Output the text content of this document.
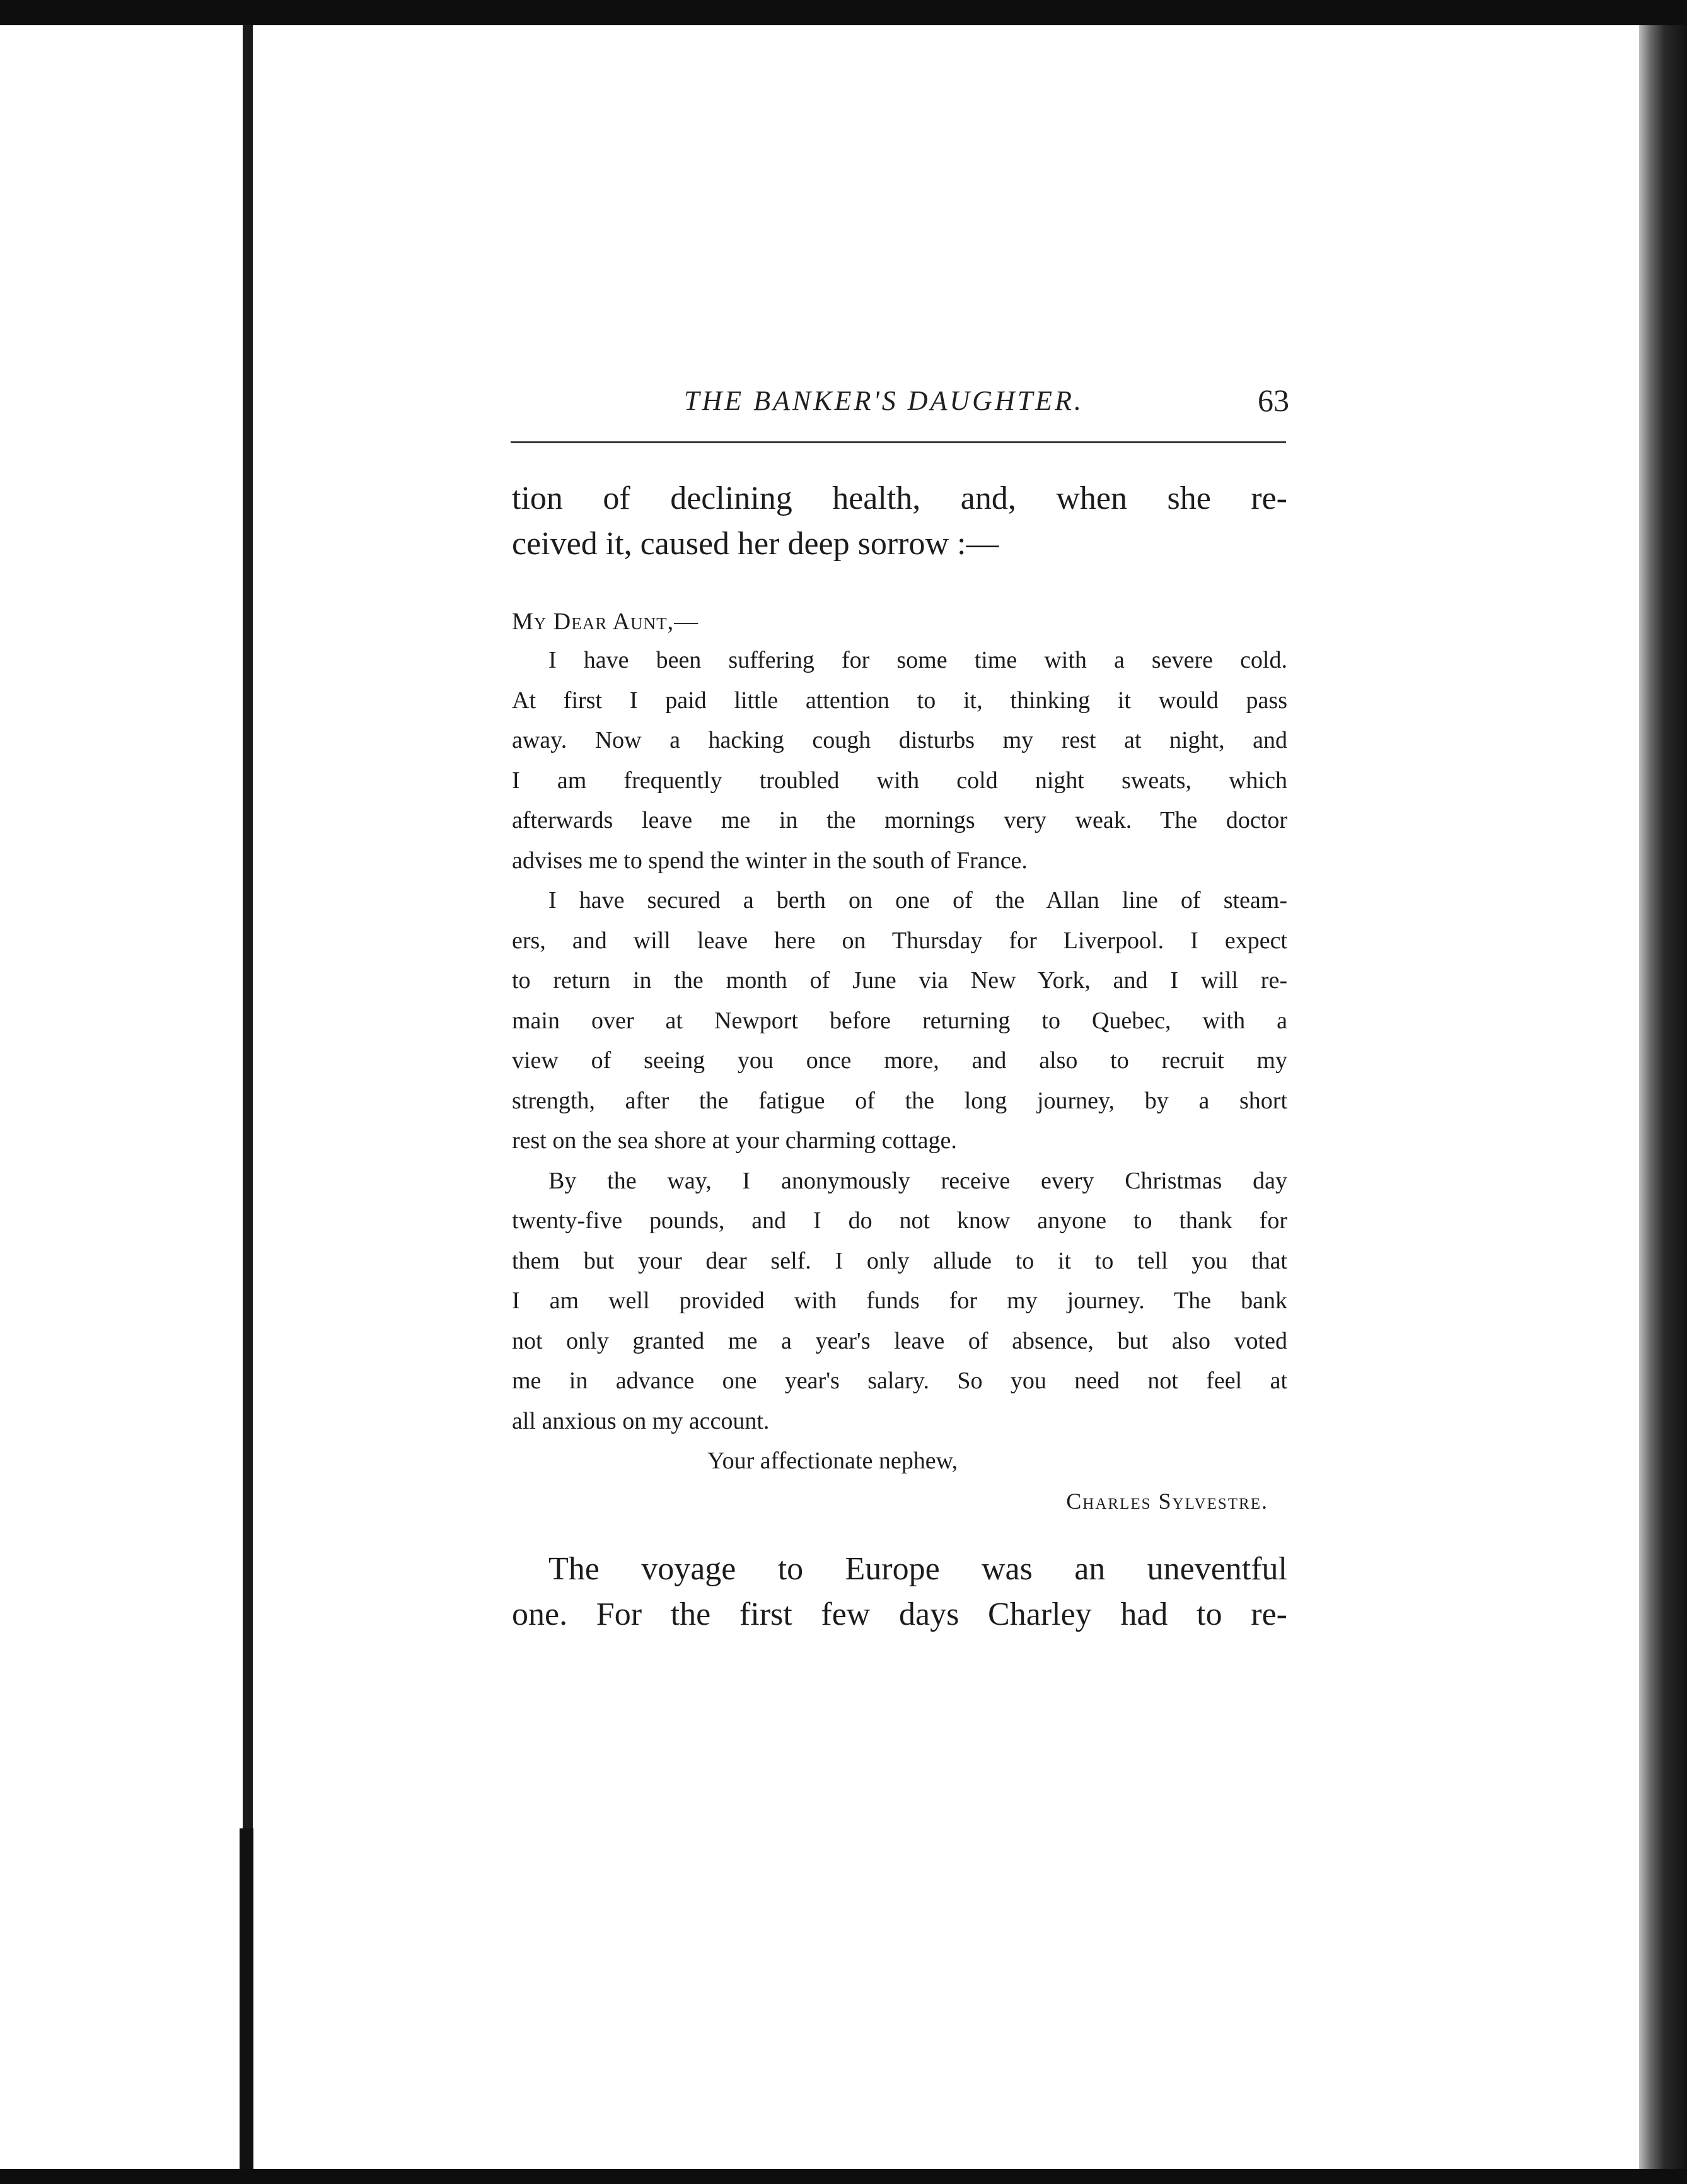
THE BANKER'S DAUGHTER.	63

tion of declining health, and, when she re-

ceived it, caused her deep sorrow :—

My Dear Aunt,—

I have been suffering for some time with a severe cold.

At first I paid little attention to it, thinking it would pass

away. Now a hacking cough disturbs my rest at night, and

I am frequently troubled with cold night sweats, which

afterwards leave me in the mornings very weak. The doctor

advises me to spend the winter in the south of France.

I have secured a berth on one of the Allan line of steam-

ers, and will leave here on Thursday for Liverpool. I expect

to return in the month of June via New York, and I will re-

main over at Newport before returning to Quebec, with a

view of seeing you once more, and also to recruit my

strength, after the fatigue of the long journey, by a short

rest on the sea shore at your charming cottage.

By the way, I anonymously receive every Christmas day

twenty-five pounds, and I do not know anyone to thank for

them but your dear self. I only allude to it to tell you that

I am well provided with funds for my journey. The bank

not only granted me a year's leave of absence, but also voted

me in advance one year's salary. So you need not feel at

all anxious on my account.

Your affectionate nephew,

Charles Sylvestre.

The voyage to Europe was an uneventful

one. For the first few days Charley had to re-
